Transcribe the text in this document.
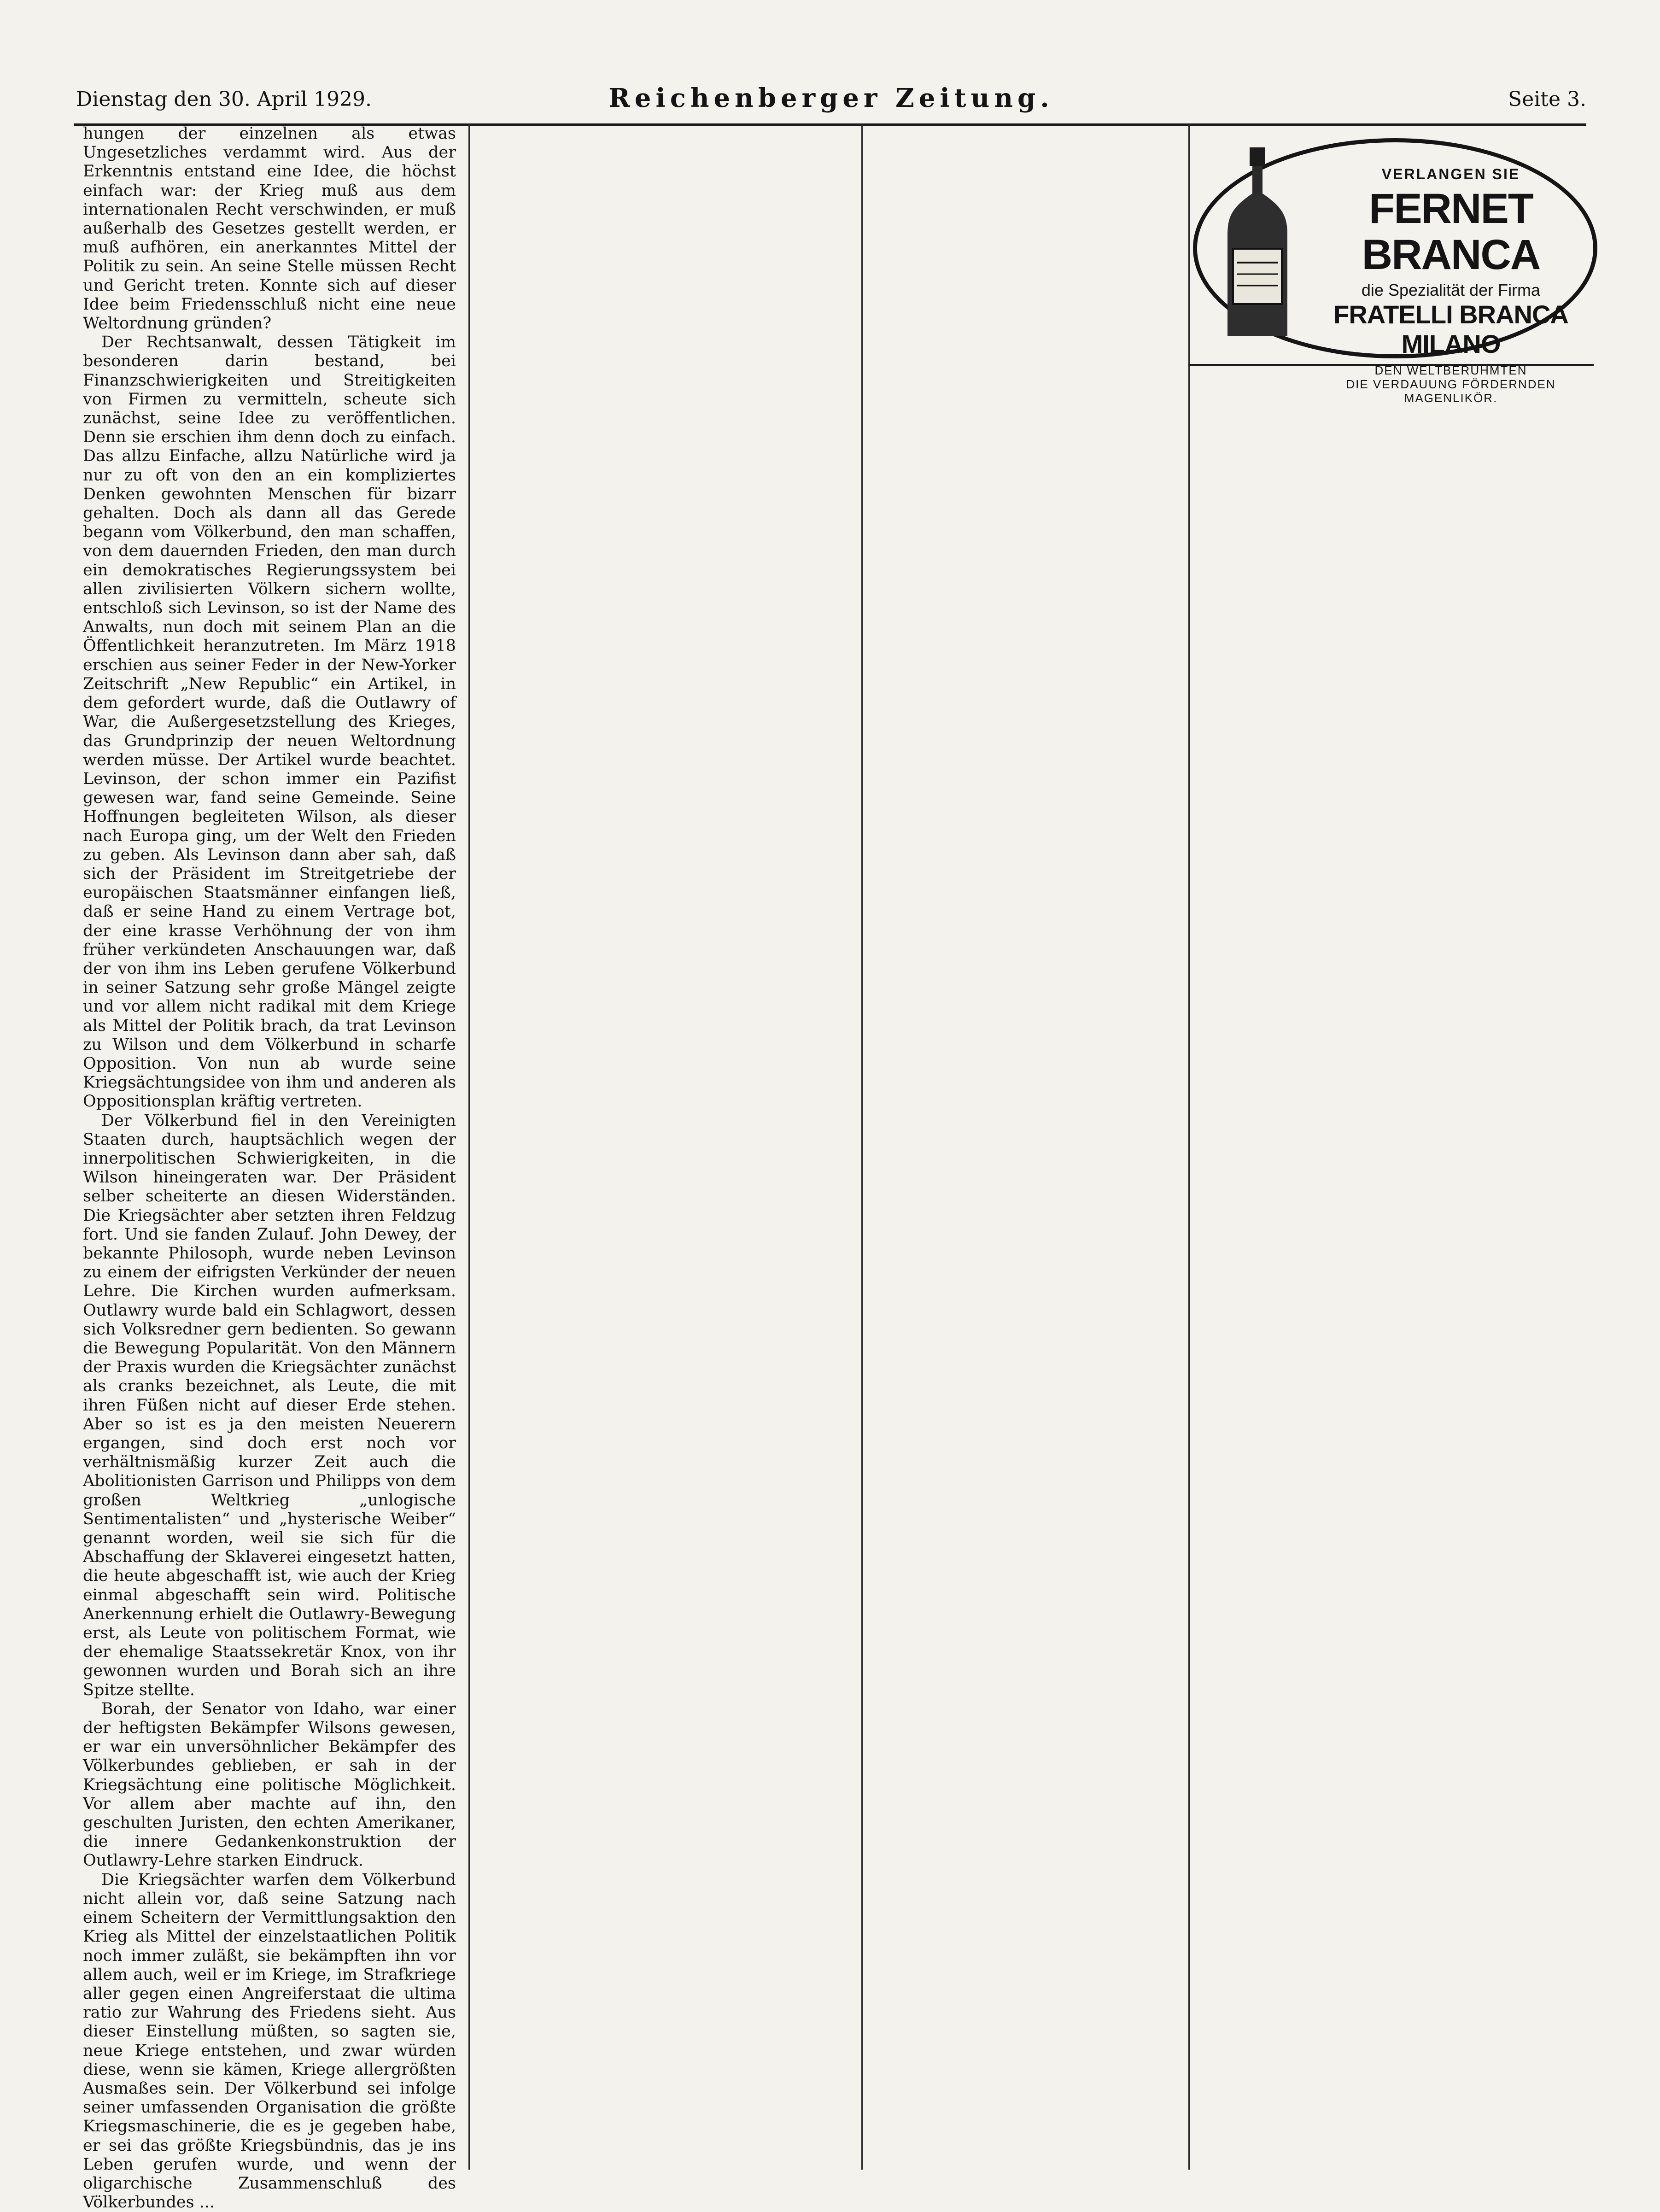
Dienstag den 30. April 1929.	Reichenberger Zeitung.	Seite 3.

hungen der einzelnen als etwas Ungesetzliches verdammt wird. Aus der Erkenntnis entstand eine Idee, die höchst einfach war: der Krieg muß aus dem internationalen Recht verschwinden, er muß außerhalb des Gesetzes gestellt werden, er muß aufhören, ein anerkanntes Mittel der Politik zu sein. An seine Stelle müssen Recht und Gericht treten. Konnte sich auf dieser Idee beim Friedensschluß nicht eine neue Weltordnung gründen?

Der Rechtsanwalt, dessen Tätigkeit im besonderen darin bestand, bei Finanzschwierigkeiten und Streitigkeiten von Firmen zu vermitteln, scheute sich zunächst, seine Idee zu veröffentlichen. Denn sie erschien ihm denn doch zu einfach. Das allzu Einfache, allzu Natürliche wird ja nur zu oft von den an ein kompliziertes Denken gewohnten Menschen für bizarr gehalten. Doch als dann all das Gerede begann vom Völkerbund, den man schaffen, von dem dauernden Frieden, den man durch ein demokratisches Regierungssystem bei allen zivilisierten Völkern sichern wollte, entschloß sich Levinson, so ist der Name des Anwalts, nun doch mit seinem Plan an die Öffentlichkeit heranzutreten. Im März 1918 erschien aus seiner Feder in der New-Yorker Zeitschrift „New Republic“ ein Artikel, in dem gefordert wurde, daß die Outlawry of War, die Außergesetzstellung des Krieges, das Grundprinzip der neuen Weltordnung werden müsse. Der Artikel wurde beachtet. Levinson, der schon immer ein Pazifist gewesen war, fand seine Gemeinde. Seine Hoffnungen begleiteten Wilson, als dieser nach Europa ging, um der Welt den Frieden zu geben. Als Levinson dann aber sah, daß sich der Präsident im Streitgetriebe der europäischen Staatsmänner einfangen ließ, daß er seine Hand zu einem Vertrage bot, der eine krasse Verhöhnung der von ihm früher verkündeten Anschauungen war, daß der von ihm ins Leben gerufene Völkerbund in seiner Satzung sehr große Mängel zeigte und vor allem nicht radikal mit dem Kriege als Mittel der Politik brach, da trat Levinson zu Wilson und dem Völkerbund in scharfe Opposition. Von nun ab wurde seine Kriegsächtungsidee von ihm und anderen als Oppositionsplan kräftig vertreten.

Der Völkerbund fiel in den Vereinigten Staaten durch, hauptsächlich wegen der innerpolitischen Schwierigkeiten, in die Wilson hineingeraten war. Der Präsident selber scheiterte an diesen Widerständen. Die Kriegsächter aber setzten ihren Feldzug fort. Und sie fanden Zulauf. John Dewey, der bekannte Philosoph, wurde neben Levinson zu einem der eifrigsten Verkünder der neuen Lehre. Die Kirchen wurden aufmerksam. Outlawry wurde bald ein Schlagwort, dessen sich Volksredner gern bedienten. So gewann die Bewegung Popularität. Von den Männern der Praxis wurden die Kriegsächter zunächst als cranks bezeichnet, als Leute, die mit ihren Füßen nicht auf dieser Erde stehen. Aber so ist es ja den meisten Neuerern ergangen, sind doch erst noch vor verhältnismäßig kurzer Zeit auch die Abolitionisten Garrison und Philipps von dem großen Weltkrieg „unlogische Sentimentalisten“ und „hysterische Weiber“ genannt worden, weil sie sich für die Abschaffung der Sklaverei eingesetzt hatten, die heute abgeschafft ist, wie auch der Krieg einmal abgeschafft sein wird. Politische Anerkennung erhielt die Outlawry-Bewegung erst, als Leute von politischem Format, wie der ehemalige Staatssekretär Knox, von ihr gewonnen wurden und Borah sich an ihre Spitze stellte.

Borah, der Senator von Idaho, war einer der heftigsten Bekämpfer Wilsons gewesen, er war ein unversöhnlicher Bekämpfer des Völkerbundes geblieben, er sah in der Kriegsächtung eine politische Möglichkeit. Vor allem aber machte auf ihn, den geschulten Juristen, den echten Amerikaner, die innere Gedankenkonstruktion der Outlawry-Lehre starken Eindruck.

Die Kriegsächter warfen dem Völkerbund nicht allein vor, daß seine Satzung nach einem Scheitern der Vermittlungsaktion den Krieg als Mittel der einzelstaatlichen Politik noch immer zuläßt, sie bekämpften ihn vor allem auch, weil er im Kriege, im Strafkriege aller gegen einen Angreiferstaat die ultima ratio zur Wahrung des Friedens sieht. Aus dieser Einstellung müßten, so sagten sie, neue Kriege entstehen, und zwar würden diese, wenn sie kämen, Kriege allergrößten Ausmaßes sein. Der Völkerbund sei infolge seiner umfassenden Organisation die größte Kriegsmaschinerie, die es je gegeben habe, er sei das größte Kriegsbündnis, das je ins Leben gerufen wurde, und wenn der oligarchische Zusammenschluß des Völkerbundes ...

VERLANGEN SIE
FERNET BRANCA
die Spezialität der Firma
FRATELLI BRANCA MILANO
DEN WELTBERÜHMTEN
DIE VERDAUUNG FÖRDERNDEN
MAGENLIKÖR.
